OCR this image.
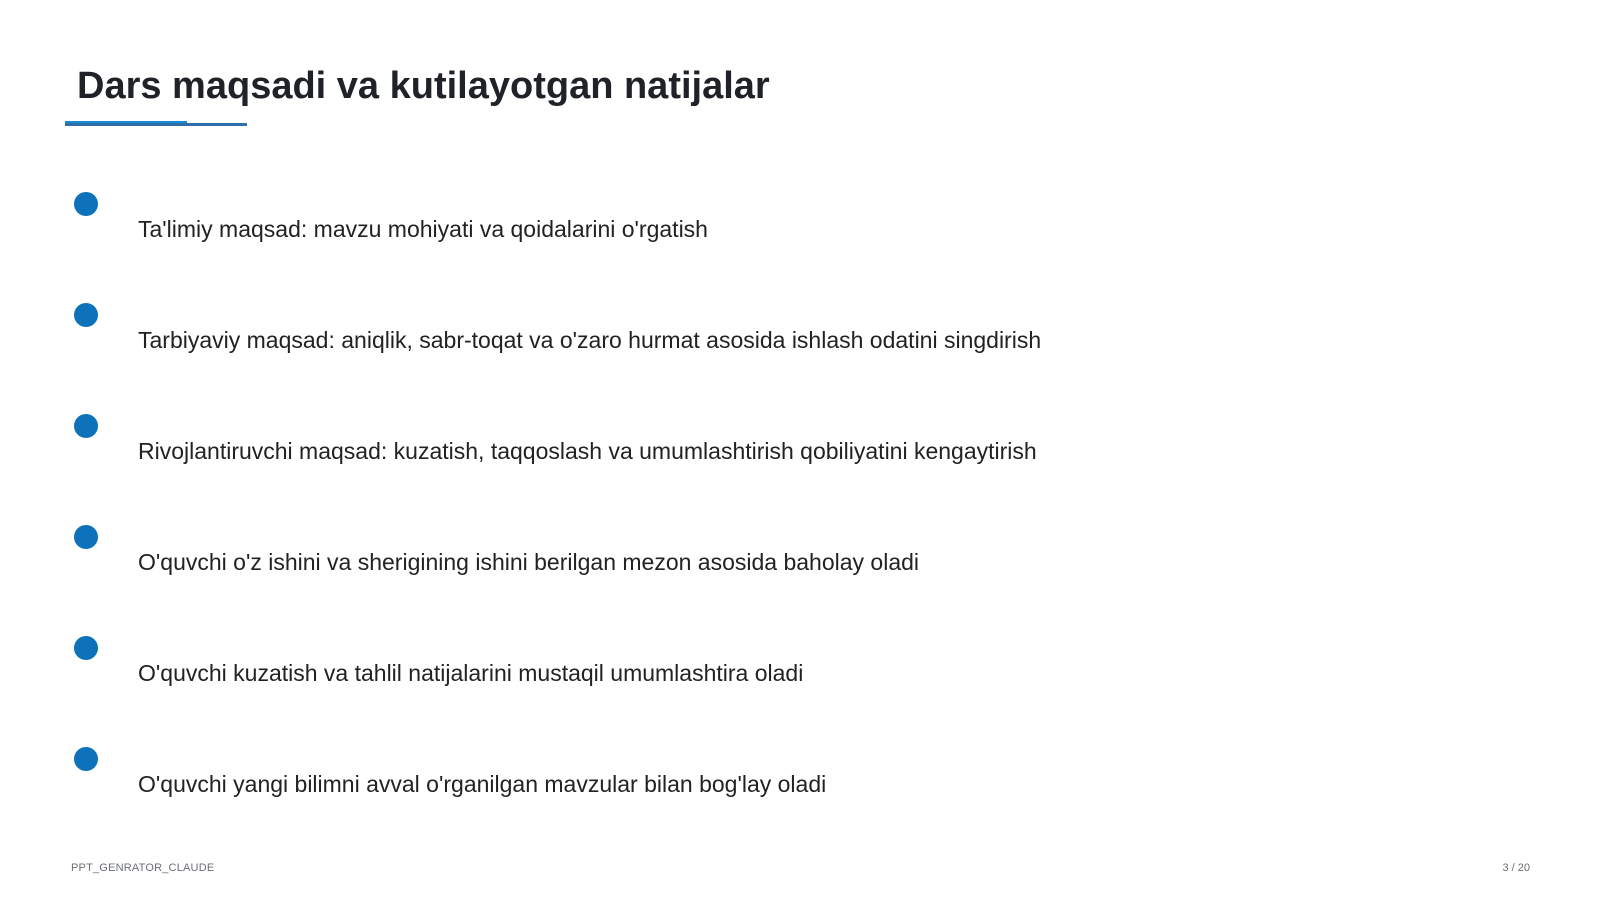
Dars maqsadi va kutilayotgan natijalar
Ta'limiy maqsad: mavzu mohiyati va qoidalarini o'rgatish
Tarbiyaviy maqsad: aniqlik, sabr-toqat va o'zaro hurmat asosida ishlash odatini singdirish
Rivojlantiruvchi maqsad: kuzatish, taqqoslash va umumlashtirish qobiliyatini kengaytirish
O'quvchi o'z ishini va sherigining ishini berilgan mezon asosida baholay oladi
O'quvchi kuzatish va tahlil natijalarini mustaqil umumlashtira oladi
O'quvchi yangi bilimni avval o'rganilgan mavzular bilan bog'lay oladi
PPT_GENRATOR_CLAUDE	3 / 20
